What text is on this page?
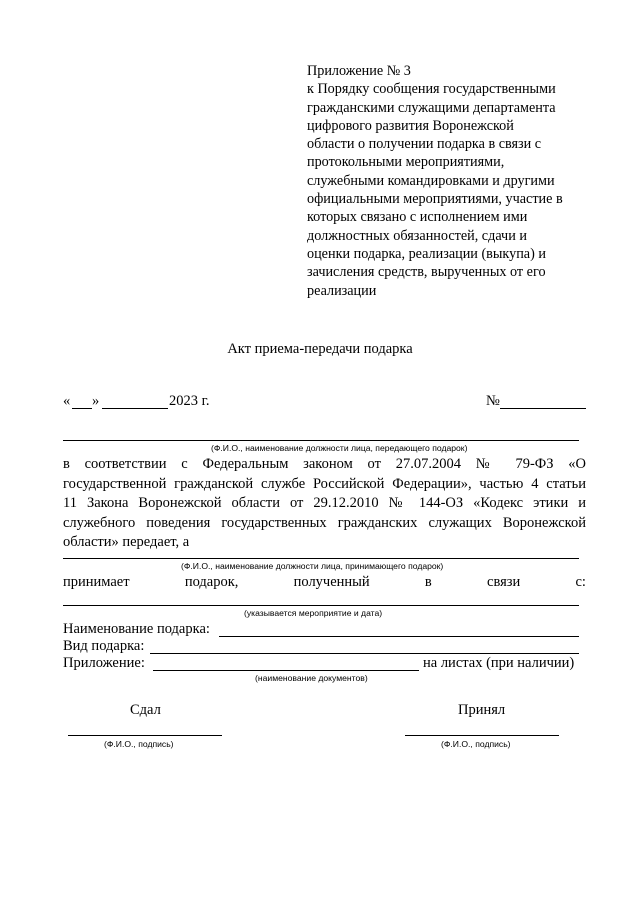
Приложение № 3
к Порядку сообщения государственными
гражданскими служащими департамента
цифрового развития Воронежской
области о получении подарка в связи с
протокольными мероприятиями,
служебными командировками и другими
официальными мероприятиями, участие в
которых связано с исполнением ими
должностных обязанностей, сдачи и
оценки подарка, реализации (выкупа) и
зачисления средств, вырученных от его
реализации
Акт приема-передачи подарка
« »	2023 г.	№
(Ф.И.О., наименование должности лица, передающего подарок)
в соответствии с Федеральным законом от 27.07.2004 № 79-ФЗ «О
государственной гражданской службе Российской Федерации», частью 4 статьи
11 Закона Воронежской области от 29.12.2010 № 144-ОЗ «Кодекс этики и
служебного поведения государственных гражданских служащих Воронежской
области» передает, а
(Ф.И.О., наименование должности лица, принимающего подарок)
принимает	подарок,	полученный	в	связи	с:
(указывается мероприятие и дата)
Наименование подарка:
Вид подарка:
Приложение:	на листах (при наличии)
(наименование документов)
Сдал	Принял
(Ф.И.О., подпись)	(Ф.И.О., подпись)
